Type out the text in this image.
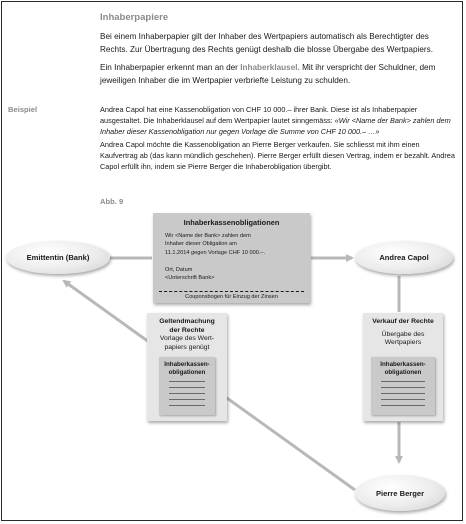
Inhaberpapiere
Bei einem Inhaberpapier gilt der Inhaber des Wertpapiers automatisch als Berechtigter des Rechts. Zur Übertragung des Rechts genügt deshalb die blosse Übergabe des Wertpapiers.
Ein Inhaberpapier erkennt man an der Inhaberklausel. Mit ihr verspricht der Schuldner, dem jeweiligen Inhaber die im Wertpapier verbriefte Leistung zu schulden.
Beispiel	Andrea Capol hat eine Kassenobligation von CHF 10 000.– ihrer Bank. Diese ist als Inhaberpapier ausgestaltet. Die Inhaberklausel auf dem Wertpapier lautet sinngemäss: «Wir <Name der Bank> zahlen dem Inhaber dieser Kassenobligation nur gegen Vorlage die Summe von CHF 10 000.– …»
Andrea Capol möchte die Kassenobligation an Pierre Berger verkaufen. Sie schliesst mit ihm einen Kaufvertrag ab (das kann mündlich geschehen). Pierre Berger erfüllt diesen Vertrag, indem er bezahlt. Andrea Capol erfüllt ihn, indem sie Pierre Berger die Inhaberobligation übergibt.
Abb. 9
Emittentin (Bank)	Andrea Capol
Pierre Berger
Inhaberkassenobligationen
Wir <Name der Bank> zahlen dem
Inhaber dieser Obligation am
11.1.2014 gegen Vorlage CHF 10 000.–.
Ort, Datum
<Unterschrift Bank>
Couponsbogen für Einzug der Zinsen
Geltendmachung
der Rechte
Vorlage des Wert-
papiers genügt
Inhaberkassen-
obligationen
Verkauf der Rechte
Übergabe des
Wertpapiers
Inhaberkassen-
obligationen
